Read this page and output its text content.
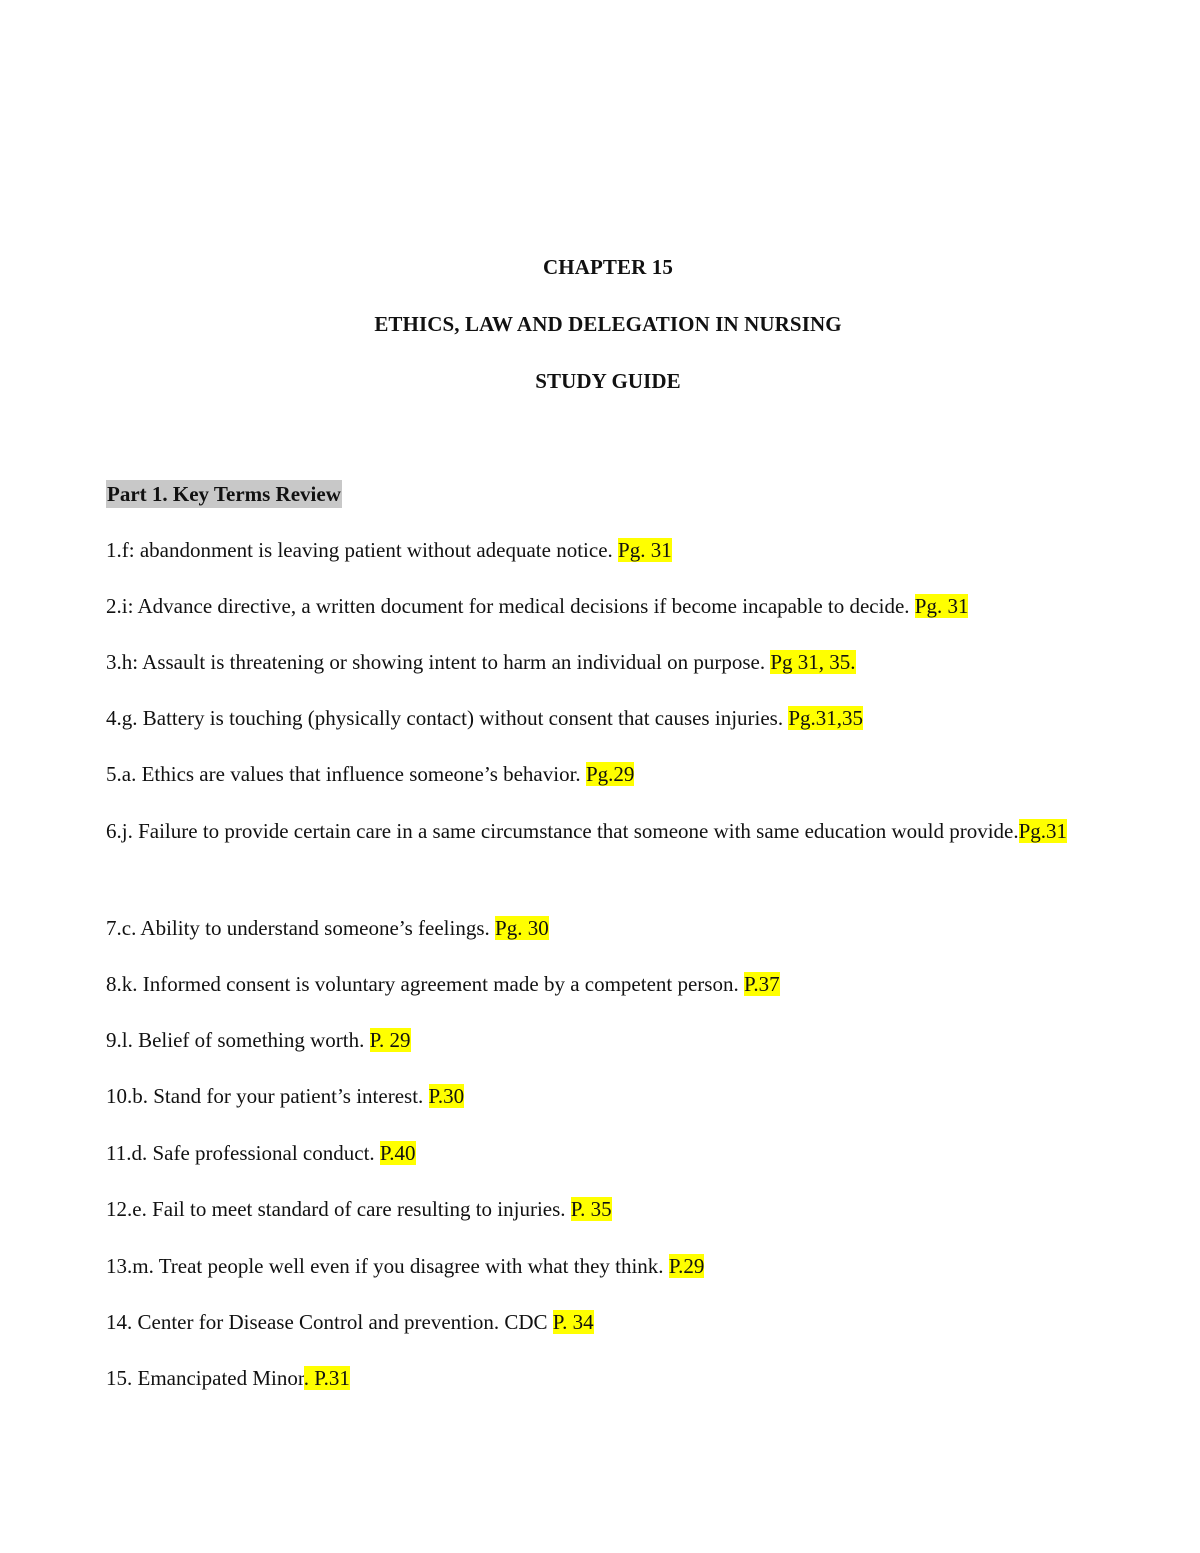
CHAPTER 15
ETHICS, LAW AND DELEGATION IN NURSING
STUDY GUIDE
Part 1. Key Terms Review
1.f: abandonment is leaving patient without adequate notice. Pg. 31
2.i: Advance directive, a written document for medical decisions if become incapable to decide. Pg. 31
3.h: Assault is threatening or showing intent to harm an individual on purpose. Pg 31, 35.
4.g. Battery is touching (physically contact) without consent that causes injuries. Pg.31,35
5.a. Ethics are values that influence someone’s behavior. Pg.29
6.j. Failure to provide certain care in a same circumstance that someone with same education would provide.Pg.31
7.c. Ability to understand someone’s feelings. Pg. 30
8.k. Informed consent is voluntary agreement made by a competent person. P.37
9.l. Belief of something worth. P. 29
10.b. Stand for your patient’s interest. P.30
11.d. Safe professional conduct. P.40
12.e. Fail to meet standard of care resulting to injuries. P. 35
13.m. Treat people well even if you disagree with what they think. P.29
14. Center for Disease Control and prevention. CDC P. 34
15. Emancipated Minor. P.31
